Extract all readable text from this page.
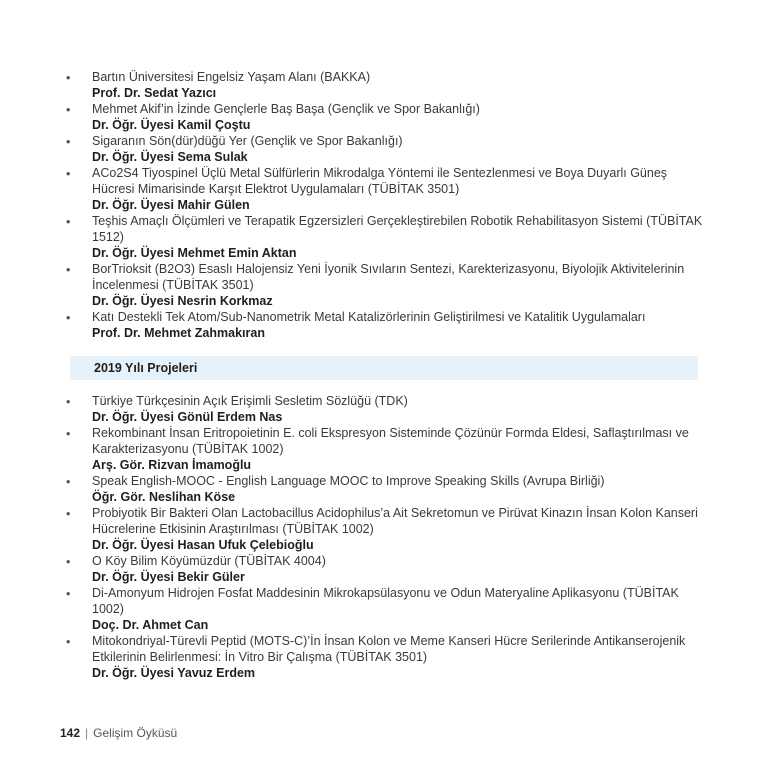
• Bartın Üniversitesi Engelsiz Yaşam Alanı (BAKKA)
Prof. Dr. Sedat Yazıcı
• Mehmet Akif’in İzinde Gençlerle Baş Başa (Gençlik ve Spor Bakanlığı)
Dr. Öğr. Üyesi Kamil Çoştu
• Sigaranın Sön(dür)düğü Yer (Gençlik ve Spor Bakanlığı)
Dr. Öğr. Üyesi Sema Sulak
• ACo2S4 Tiyospinel Üçlü Metal Sülfürlerin Mikrodalga Yöntemi ile Sentezlenmesi ve Boya Duyarlı Güneş Hücresi Mimarisinde Karşıt Elektrot Uygulamaları (TÜBİTAK 3501)
Dr. Öğr. Üyesi Mahir Gülen
• Teşhis Amaçlı Ölçümleri ve Terapatik Egzersizleri Gerçekleştirebilen Robotik Rehabilitasyon Sistemi (TÜBİTAK 1512)
Dr. Öğr. Üyesi Mehmet Emin Aktan
• BorTrioksit (B2O3) Esaslı Halojensiz Yeni İyonik Sıvıların Sentezi, Karekterizasyonu, Biyolojik Aktivitelerinin İncelenmesi (TÜBİTAK 3501)
Dr. Öğr. Üyesi Nesrin Korkmaz
• Katı Destekli Tek Atom/Sub-Nanometrik Metal Katalizörlerinin Geliştirilmesi ve Katalitik Uygulamaları
Prof. Dr. Mehmet Zahmakıran
2019 Yılı Projeleri
• Türkiye Türkçesinin Açık Erişimli Sesletim Sözlüğü (TDK)
Dr. Öğr. Üyesi Gönül Erdem Nas
• Rekombinant İnsan Eritropoietinin E. coli Ekspresyon Sisteminde Çözünür Formda Eldesi, Saflaştırılması ve Karakterizasyonu (TÜBİTAK 1002)
Arş. Gör. Rizvan İmamoğlu
• Speak English-MOOC - English Language MOOC to Improve Speaking Skills (Avrupa Birliği)
Öğr. Gör. Neslihan Köse
• Probiyotik Bir Bakteri Olan Lactobacillus Acidophilus’a Ait Sekretomun ve Pirüvat Kinazın İnsan Kolon Kanseri Hücrelerine Etkisinin Araştırılması (TÜBİTAK 1002)
Dr. Öğr. Üyesi Hasan Ufuk Çelebioğlu
• O Köy Bilim Köyümüzdür (TÜBİTAK 4004)
Dr. Öğr. Üyesi Bekir Güler
• Di-Amonyum Hidrojen Fosfat Maddesinin Mikrokapsülasyonu ve Odun Materyaline Aplikasyonu (TÜBİTAK 1002)
Doç. Dr. Ahmet Can
• Mitokondriyal-Türevli Peptid (MOTS-C)’İn İnsan Kolon ve Meme Kanseri Hücre Serilerinde Antikanserojenik Etkilerinin Belirlenmesi: İn Vitro Bir Çalışma (TÜBİTAK 3501)
Dr. Öğr. Üyesi Yavuz Erdem
142 | Gelişim Öyküsü
